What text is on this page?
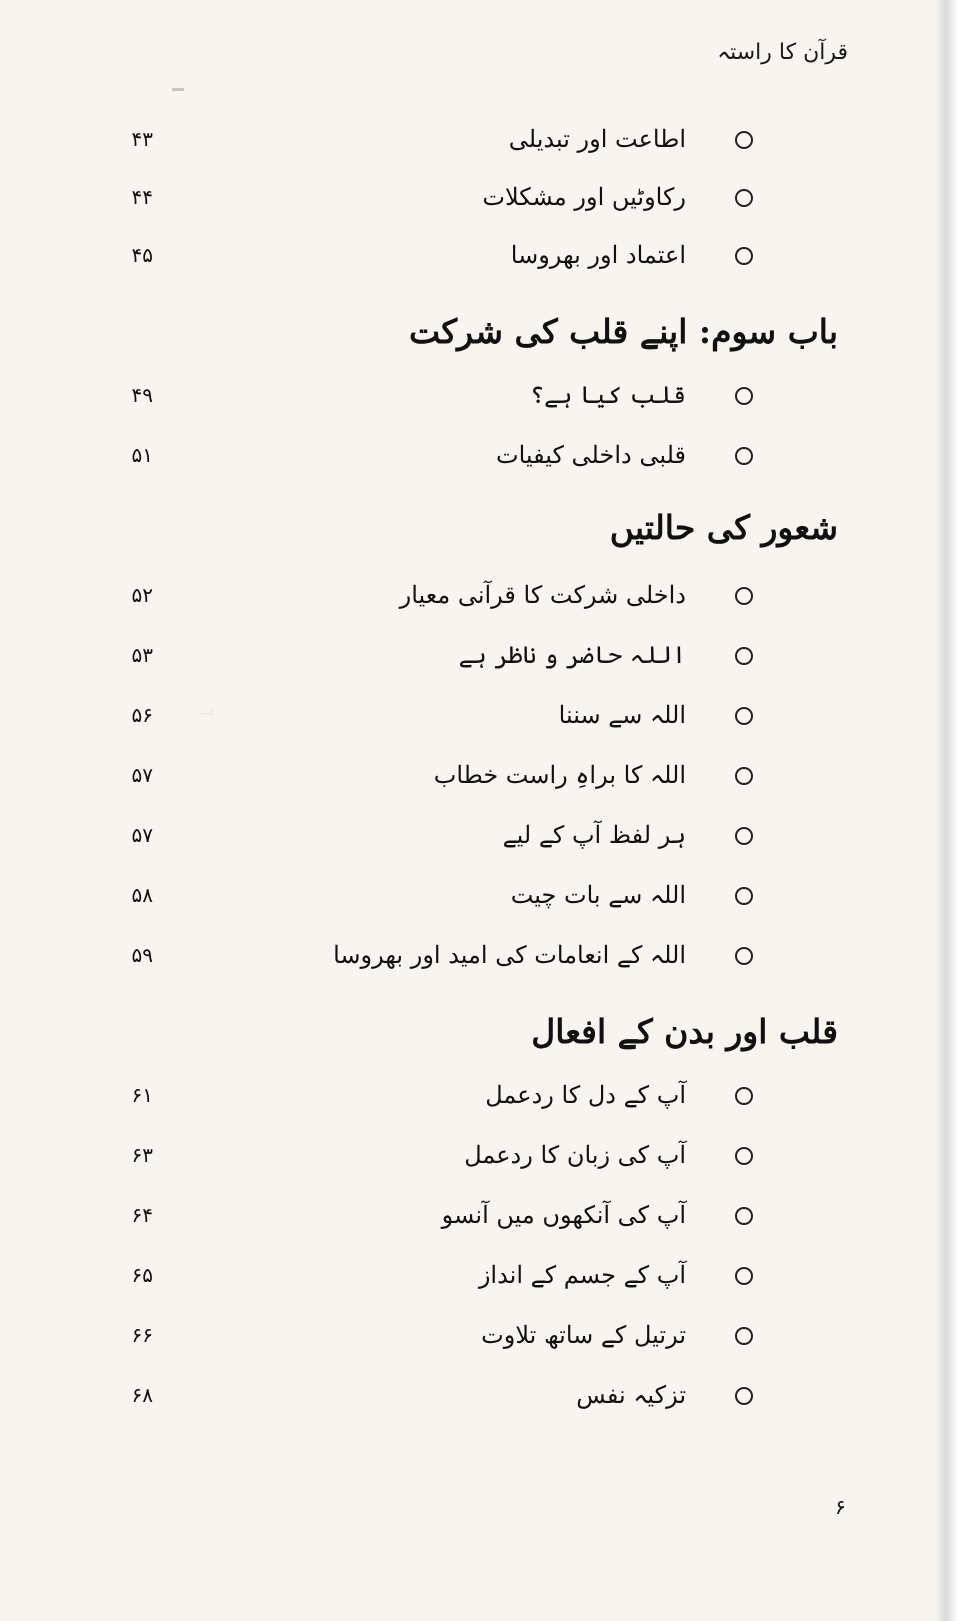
؀
قرآن کا راستہ
اطاعت اور تبدیلی
۴۳
رکاوٹیں اور مشکلات
۴۴
اعتماد اور بھروسا
۴۵
باب سوم: اپنے قلب کی شرکت
قلب کیا ہے؟
۴۹
قلبی داخلی کیفیات
۵۱
شعور کی حالتیں
داخلی شرکت کا قرآنی معیار
۵۲
اللہ حاضر و ناظر ہے
۵۳
اللہ سے سننا
۵۶
اللہ کا براہِ راست خطاب
۵۷
ہر لفظ آپ کے لیے
۵۷
اللہ سے بات چیت
۵۸
اللہ کے انعامات کی امید اور بھروسا
۵۹
قلب اور بدن کے افعال
آپ کے دل کا ردعمل
۶۱
آپ کی زبان کا ردعمل
۶۳
آپ کی آنکھوں میں آنسو
۶۴
آپ کے جسم کے انداز
۶۵
ترتیل کے ساتھ تلاوت
۶۶
تزکیہ نفس
۶۸
۶
